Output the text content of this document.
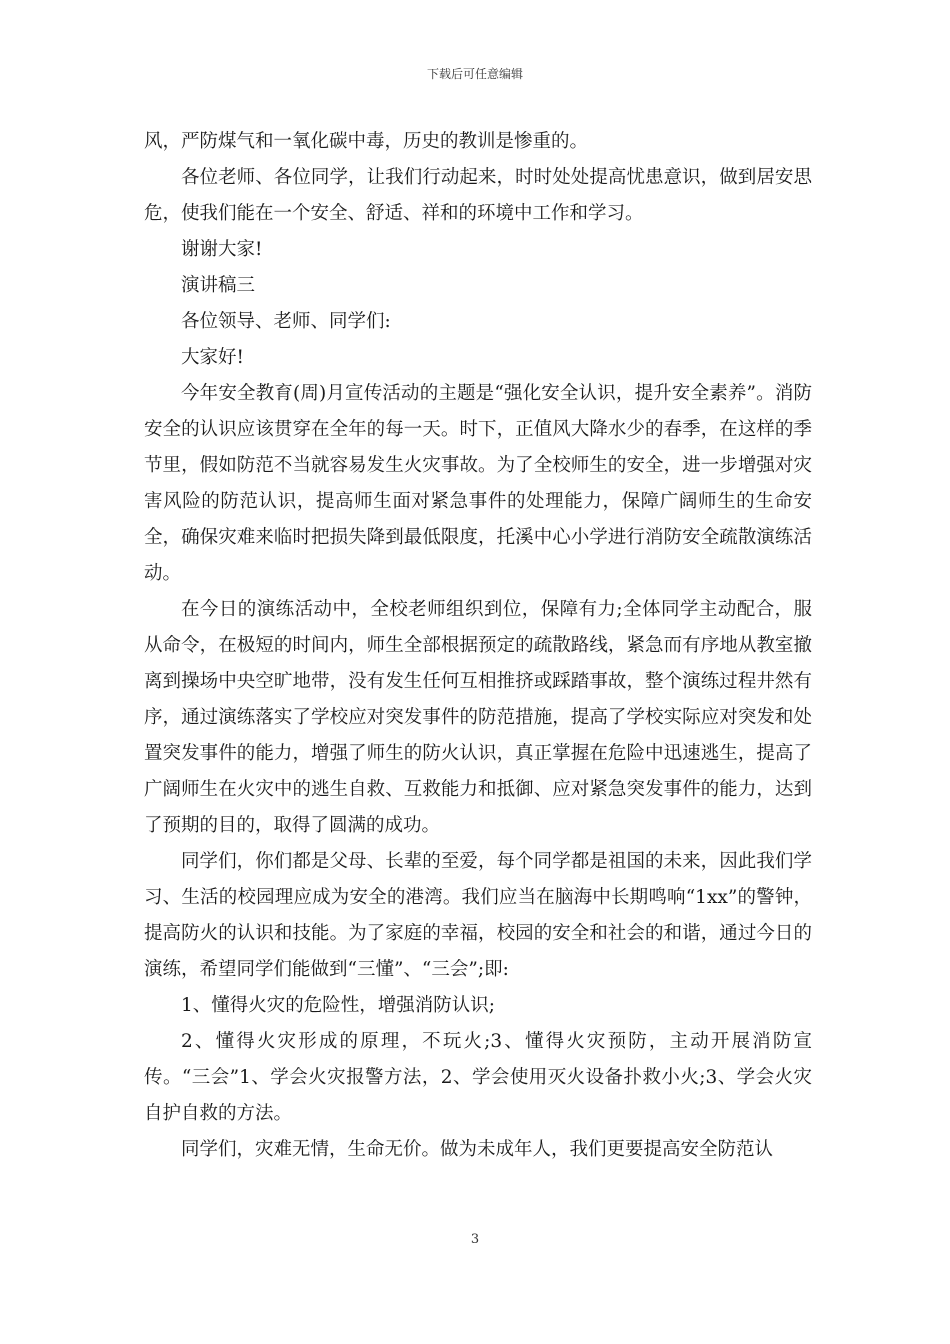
下载后可任意编辑

风，严防煤气和一氧化碳中毒，历史的教训是惨重的。

各位老师、各位同学，让我们行动起来，时时处处提高忧患意识，做到居安思危，使我们能在一个安全、舒适、祥和的环境中工作和学习。

谢谢大家!

演讲稿三

各位领导、老师、同学们:

大家好!

今年安全教育(周)月宣传活动的主题是“强化安全认识，提升安全素养”。消防安全的认识应该贯穿在全年的每一天。时下，正值风大降水少的春季，在这样的季节里，假如防范不当就容易发生火灾事故。为了全校师生的安全，进一步增强对灾害风险的防范认识，提高师生面对紧急事件的处理能力，保障广阔师生的生命安全，确保灾难来临时把损失降到最低限度，托溪中心小学进行消防安全疏散演练活动。

在今日的演练活动中，全校老师组织到位，保障有力;全体同学主动配合，服从命令，在极短的时间内，师生全部根据预定的疏散路线，紧急而有序地从教室撤离到操场中央空旷地带，没有发生任何互相推挤或踩踏事故，整个演练过程井然有序，通过演练落实了学校应对突发事件的防范措施，提高了学校实际应对突发和处置突发事件的能力，增强了师生的防火认识，真正掌握在危险中迅速逃生，提高了广阔师生在火灾中的逃生自救、互救能力和抵御、应对紧急突发事件的能力，达到了预期的目的，取得了圆满的成功。

同学们，你们都是父母、长辈的至爱，每个同学都是祖国的未来，因此我们学习、生活的校园理应成为安全的港湾。我们应当在脑海中长期鸣响“1xx”的警钟，提高防火的认识和技能。为了家庭的幸福，校园的安全和社会的和谐，通过今日的演练，希望同学们能做到“三懂”、“三会”;即:

1、懂得火灾的危险性，增强消防认识;

2、懂得火灾形成的原理，不玩火;3、懂得火灾预防，主动开展消防宣传。“三会”1、学会火灾报警方法，2、学会使用灭火设备扑救小火;3、学会火灾自护自救的方法。

同学们，灾难无情，生命无价。做为未成年人，我们更要提高安全防范认

3
